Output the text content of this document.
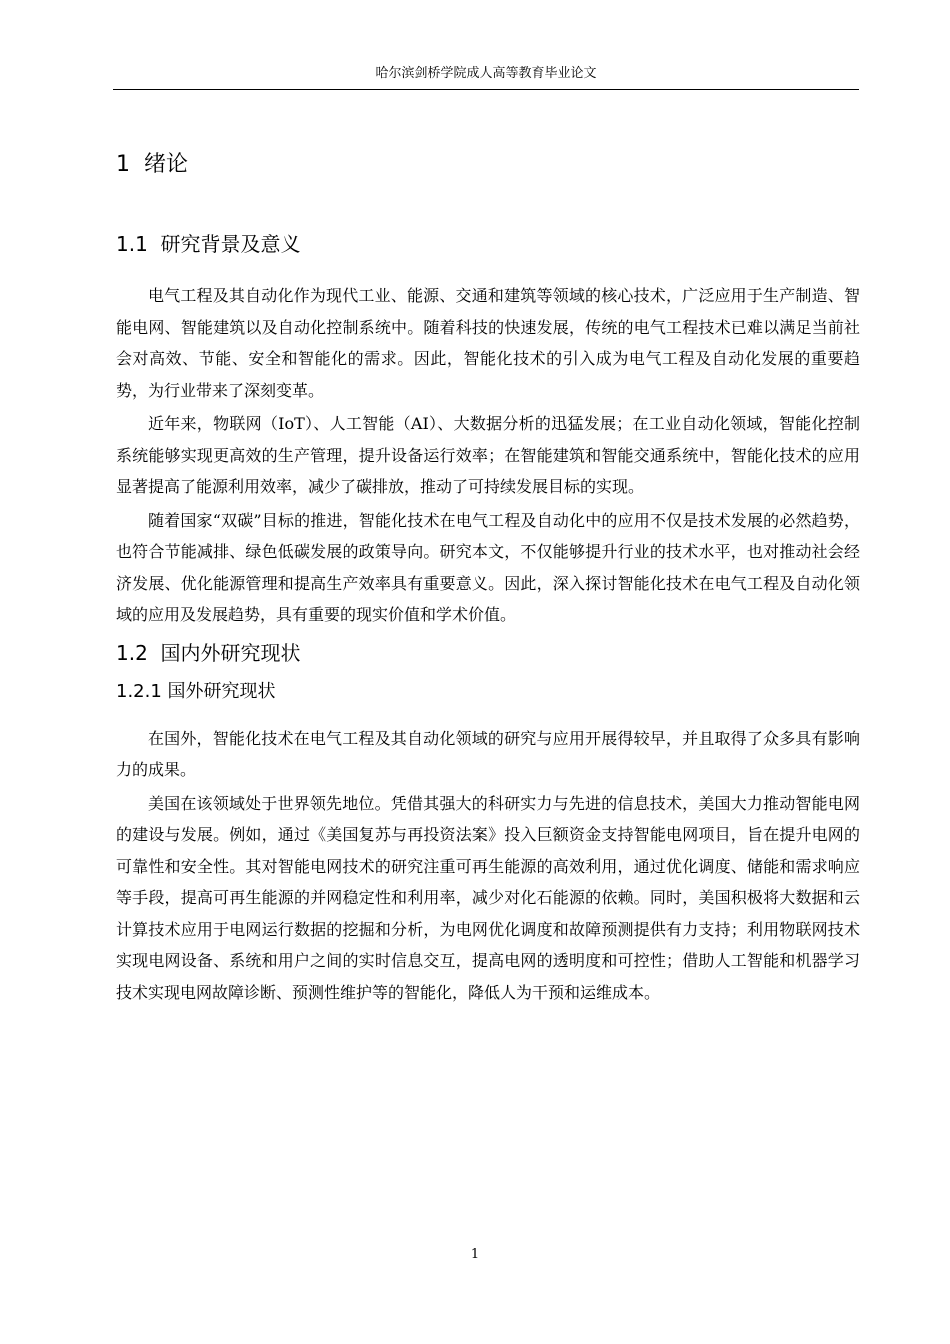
哈尔滨剑桥学院成人高等教育毕业论文
1 绪论
1.1 研究背景及意义

电气工程及其自动化作为现代工业、能源、交通和建筑等领域的核心技术，广泛应用于生产制造、智能电网、智能建筑以及自动化控制系统中。随着科技的快速发展，传统的电气工程技术已难以满足当前社会对高效、节能、安全和智能化的需求。因此，智能化技术的引入成为电气工程及自动化发展的重要趋势，为行业带来了深刻变革。

近年来，物联网（IoT）、人工智能（AI）、大数据分析的迅猛发展；在工业自动化领域，智能化控制系统能够实现更高效的生产管理，提升设备运行效率；在智能建筑和智能交通系统中，智能化技术的应用显著提高了能源利用效率，减少了碳排放，推动了可持续发展目标的实现。

随着国家“双碳”目标的推进，智能化技术在电气工程及自动化中的应用不仅是技术发展的必然趋势，也符合节能减排、绿色低碳发展的政策导向。研究本文，不仅能够提升行业的技术水平，也对推动社会经济发展、优化能源管理和提高生产效率具有重要意义。因此，深入探讨智能化技术在电气工程及自动化领域的应用及发展趋势，具有重要的现实价值和学术价值。

1.2 国内外研究现状
1.2.1 国外研究现状

在国外，智能化技术在电气工程及其自动化领域的研究与应用开展得较早，并且取得了众多具有影响力的成果。

美国在该领域处于世界领先地位。凭借其强大的科研实力与先进的信息技术，美国大力推动智能电网的建设与发展。例如，通过《美国复苏与再投资法案》投入巨额资金支持智能电网项目，旨在提升电网的可靠性和安全性。其对智能电网技术的研究注重可再生能源的高效利用，通过优化调度、储能和需求响应等手段，提高可再生能源的并网稳定性和利用率，减少对化石能源的依赖。同时，美国积极将大数据和云计算技术应用于电网运行数据的挖掘和分析，为电网优化调度和故障预测提供有力支持；利用物联网技术实现电网设备、系统和用户之间的实时信息交互，提高电网的透明度和可控性；借助人工智能和机器学习技术实现电网故障诊断、预测性维护等的智能化，降低人为干预和运维成本。

1
